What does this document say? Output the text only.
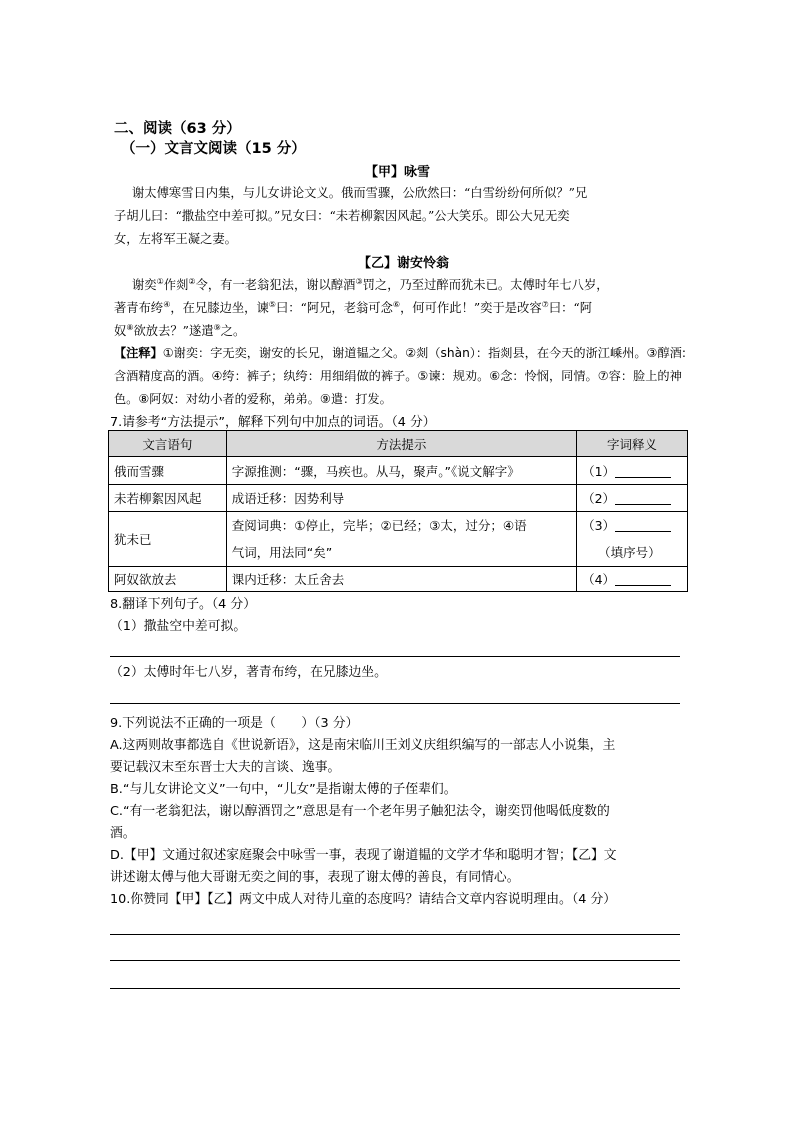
二、阅读（63 分）
（一）文言文阅读（15 分）
【甲】咏雪
谢太傅寒雪日内集，与儿女讲论文义。俄而雪骤，公欣然曰：“白雪纷纷何所似？”兄
子胡儿曰：“撒盐空中差可拟。”兄女曰：“未若柳絮因风起。”公大笑乐。即公大兄无奕
女，左将军王凝之妻。
【乙】谢安怜翁
谢奕①作剡②令，有一老翁犯法，谢以醇酒③罚之，乃至过醉而犹未已。太傅时年七八岁，
著青布绔④，在兄膝边坐，谏⑤曰：“阿兄，老翁可念⑥，何可作此！”奕于是改容⑦曰：“阿
奴⑧欲放去？”遂遣⑨之。
【注释】①谢奕：字无奕，谢安的长兄，谢道韫之父。②剡（shàn）：指剡县，在今天的浙江嵊州。③醇酒:
含酒精度高的酒。④绔：裤子；纨绔：用细绢做的裤子。⑤谏：规劝。⑥念：怜悯，同情。⑦容：脸上的神
色。⑧阿奴：对幼小者的爱称，弟弟。⑨遣：打发。
7.请参考“方法提示”，解释下列句中加点的词语。（4 分）
文言语句	方法提示	字词释义
俄而雪骤	字源推测：“骤，马疾也。从马，聚声。”《说文解字》	（1）
未若柳絮因风起	成语迁移：因势利导	（2）
犹未已	查阅词典：①停止，完毕；②已经；③太，过分；④语
气词，用法同“矣”	（3）
（填序号）
阿奴欲放去	课内迁移：太丘舍去	（4）
8.翻译下列句子。（4 分）
（1）撒盐空中差可拟。
（2）太傅时年七八岁，著青布绔，在兄膝边坐。
9.下列说法不正确的一项是（　　）（3 分）
A.这两则故事都选自《世说新语》，这是南宋临川王刘义庆组织编写的一部志人小说集，主
要记载汉末至东晋士大夫的言谈、逸事。
B.“与儿女讲论文义”一句中，“儿女”是指谢太傅的子侄辈们。
C.“有一老翁犯法，谢以醇酒罚之”意思是有一个老年男子触犯法令，谢奕罚他喝低度数的
酒。
D.【甲】文通过叙述家庭聚会中咏雪一事，表现了谢道韫的文学才华和聪明才智；【乙】文
讲述谢太傅与他大哥谢无奕之间的事，表现了谢太傅的善良，有同情心。
10.你赞同【甲】【乙】两文中成人对待儿童的态度吗？请结合文章内容说明理由。（4 分）
